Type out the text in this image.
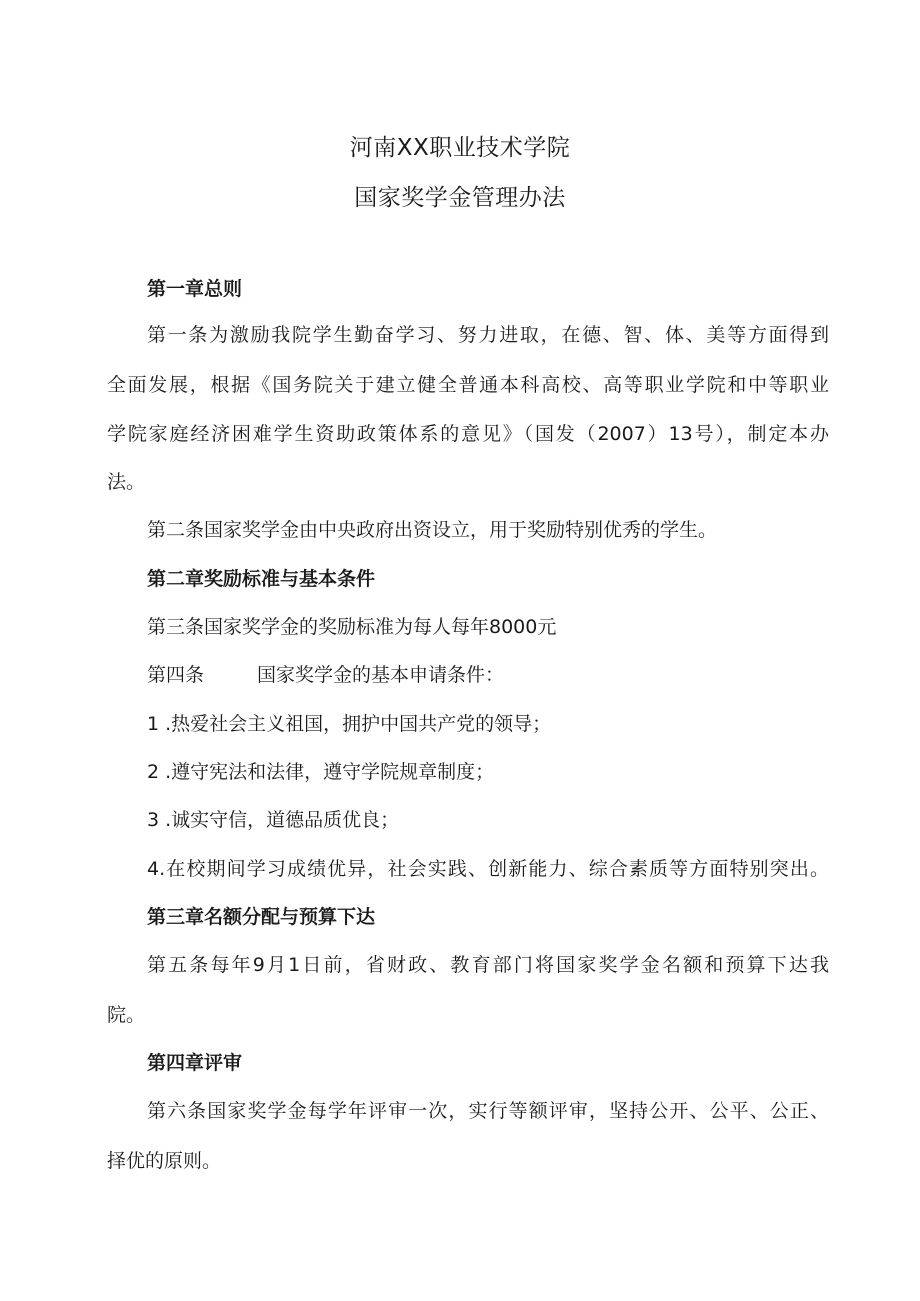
河南XX职业技术学院
国家奖学金管理办法
第一章总则
第一条为激励我院学生勤奋学习、努力进取，在德、智、体、美等方面得到
全面发展，根据《国务院关于建立健全普通本科高校、高等职业学院和中等职业
学院家庭经济困难学生资助政策体系的意见》（国发（2007）13号），制定本办
法。
第二条国家奖学金由中央政府出资设立，用于奖励特别优秀的学生。
第二章奖励标准与基本条件
第三条国家奖学金的奖励标准为每人每年8000元
第四条	国家奖学金的基本申请条件：
1 .热爱社会主义祖国，拥护中国共产党的领导；
2 .遵守宪法和法律，遵守学院规章制度；
3 .诚实守信，道德品质优良；
4.在校期间学习成绩优异，社会实践、创新能力、综合素质等方面特别突出。
第三章名额分配与预算下达
第五条每年9月1日前，省财政、教育部门将国家奖学金名额和预算下达我
院。
第四章评审
第六条国家奖学金每学年评审一次，实行等额评审，坚持公开、公平、公正、
择优的原则。
